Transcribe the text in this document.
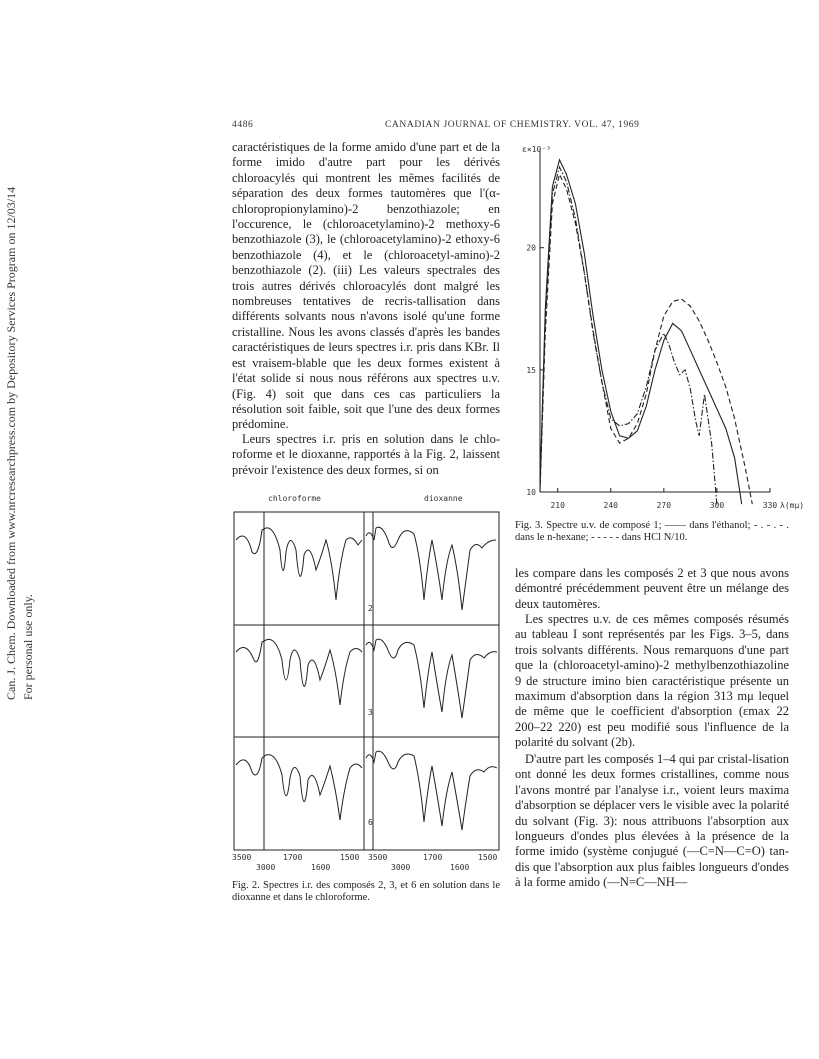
Can. J. Chem. Downloaded from www.nrcresearchpress.com by Depository Services Program on 12/03/14 For personal use only.
4486	CANADIAN JOURNAL OF CHEMISTRY. VOL. 47, 1969

caractéristiques de la forme amido d'une part et de la forme imido d'autre part pour les dérivés chloroacylés qui montrent les mêmes facilités de séparation des deux formes tautomères que l'(α-chloropropionylamino)-2 benzothiazole; en l'occurence, le (chloroacetylamino)-2 methoxy-6 benzothiazole (3), le (chloroacetylamino)-2 ethoxy-6 benzothiazole (4), et le (chloroacetyl-amino)-2 benzothiazole (2). (iii) Les valeurs spectrales des trois autres dérivés chloroacylés dont malgré les nombreuses tentatives de recris-tallisation dans différents solvants nous n'avons isolé qu'une forme cristalline. Nous les avons classés d'après les bandes caractéristiques de leurs spectres i.r. pris dans KBr. Il est vraisem-blable que les deux formes existent à l'état solide si nous nous référons aux spectres u.v. (Fig. 4) soit que dans ces cas particuliers la résolution soit faible, soit que l'une des deux formes prédomine.

Leurs spectres i.r. pris en solution dans le chlo-roforme et le dioxanne, rapportés à la Fig. 2, laissent prévoir l'existence des deux formes, si on

chloroforme	dioxanne
2
3
6
3500	1700	1500
3000	1600
3500	1700	1500
3000	1600

Fig. 2. Spectres i.r. des composés 2, 3, et 6 en solution dans le dioxanne et dans le chloroforme.

210	240	270	300	330 λ(mμ)
10
15
20
ε×10⁻³

Fig. 3. Spectre u.v. de composé 1; —— dans l'éthanol; - . - . - . dans le n-hexane; - - - - - dans HCl N/10.

les compare dans les composés 2 et 3 que nous avons démontré précédemment peuvent être un mélange des deux tautomères.

Les spectres u.v. de ces mêmes composés résumés au tableau I sont représentés par les Figs. 3–5, dans trois solvants différents. Nous remarquons d'une part que la (chloroacetyl-amino)-2 methylbenzothiazoline 9 de structure imino bien caractéristique présente un maximum d'absorption dans la région 313 mμ lequel de même que le coefficient d'absorption (εmax 22 200–22 220) est peu modifié sous l'influence de la polarité du solvant (2b).

D'autre part les composés 1–4 qui par cristal-lisation ont donné les deux formes cristallines, comme nous l'avons montré par l'analyse i.r., voient leurs maxima d'absorption se déplacer vers le visible avec la polarité du solvant (Fig. 3): nous attribuons l'absorption aux longueurs d'ondes plus élevées à la présence de la forme imido (système conjugué (—C=N—C=O) tan-dis que l'absorption aux plus faibles longueurs d'ondes à la forme amido (—N=C—NH—
